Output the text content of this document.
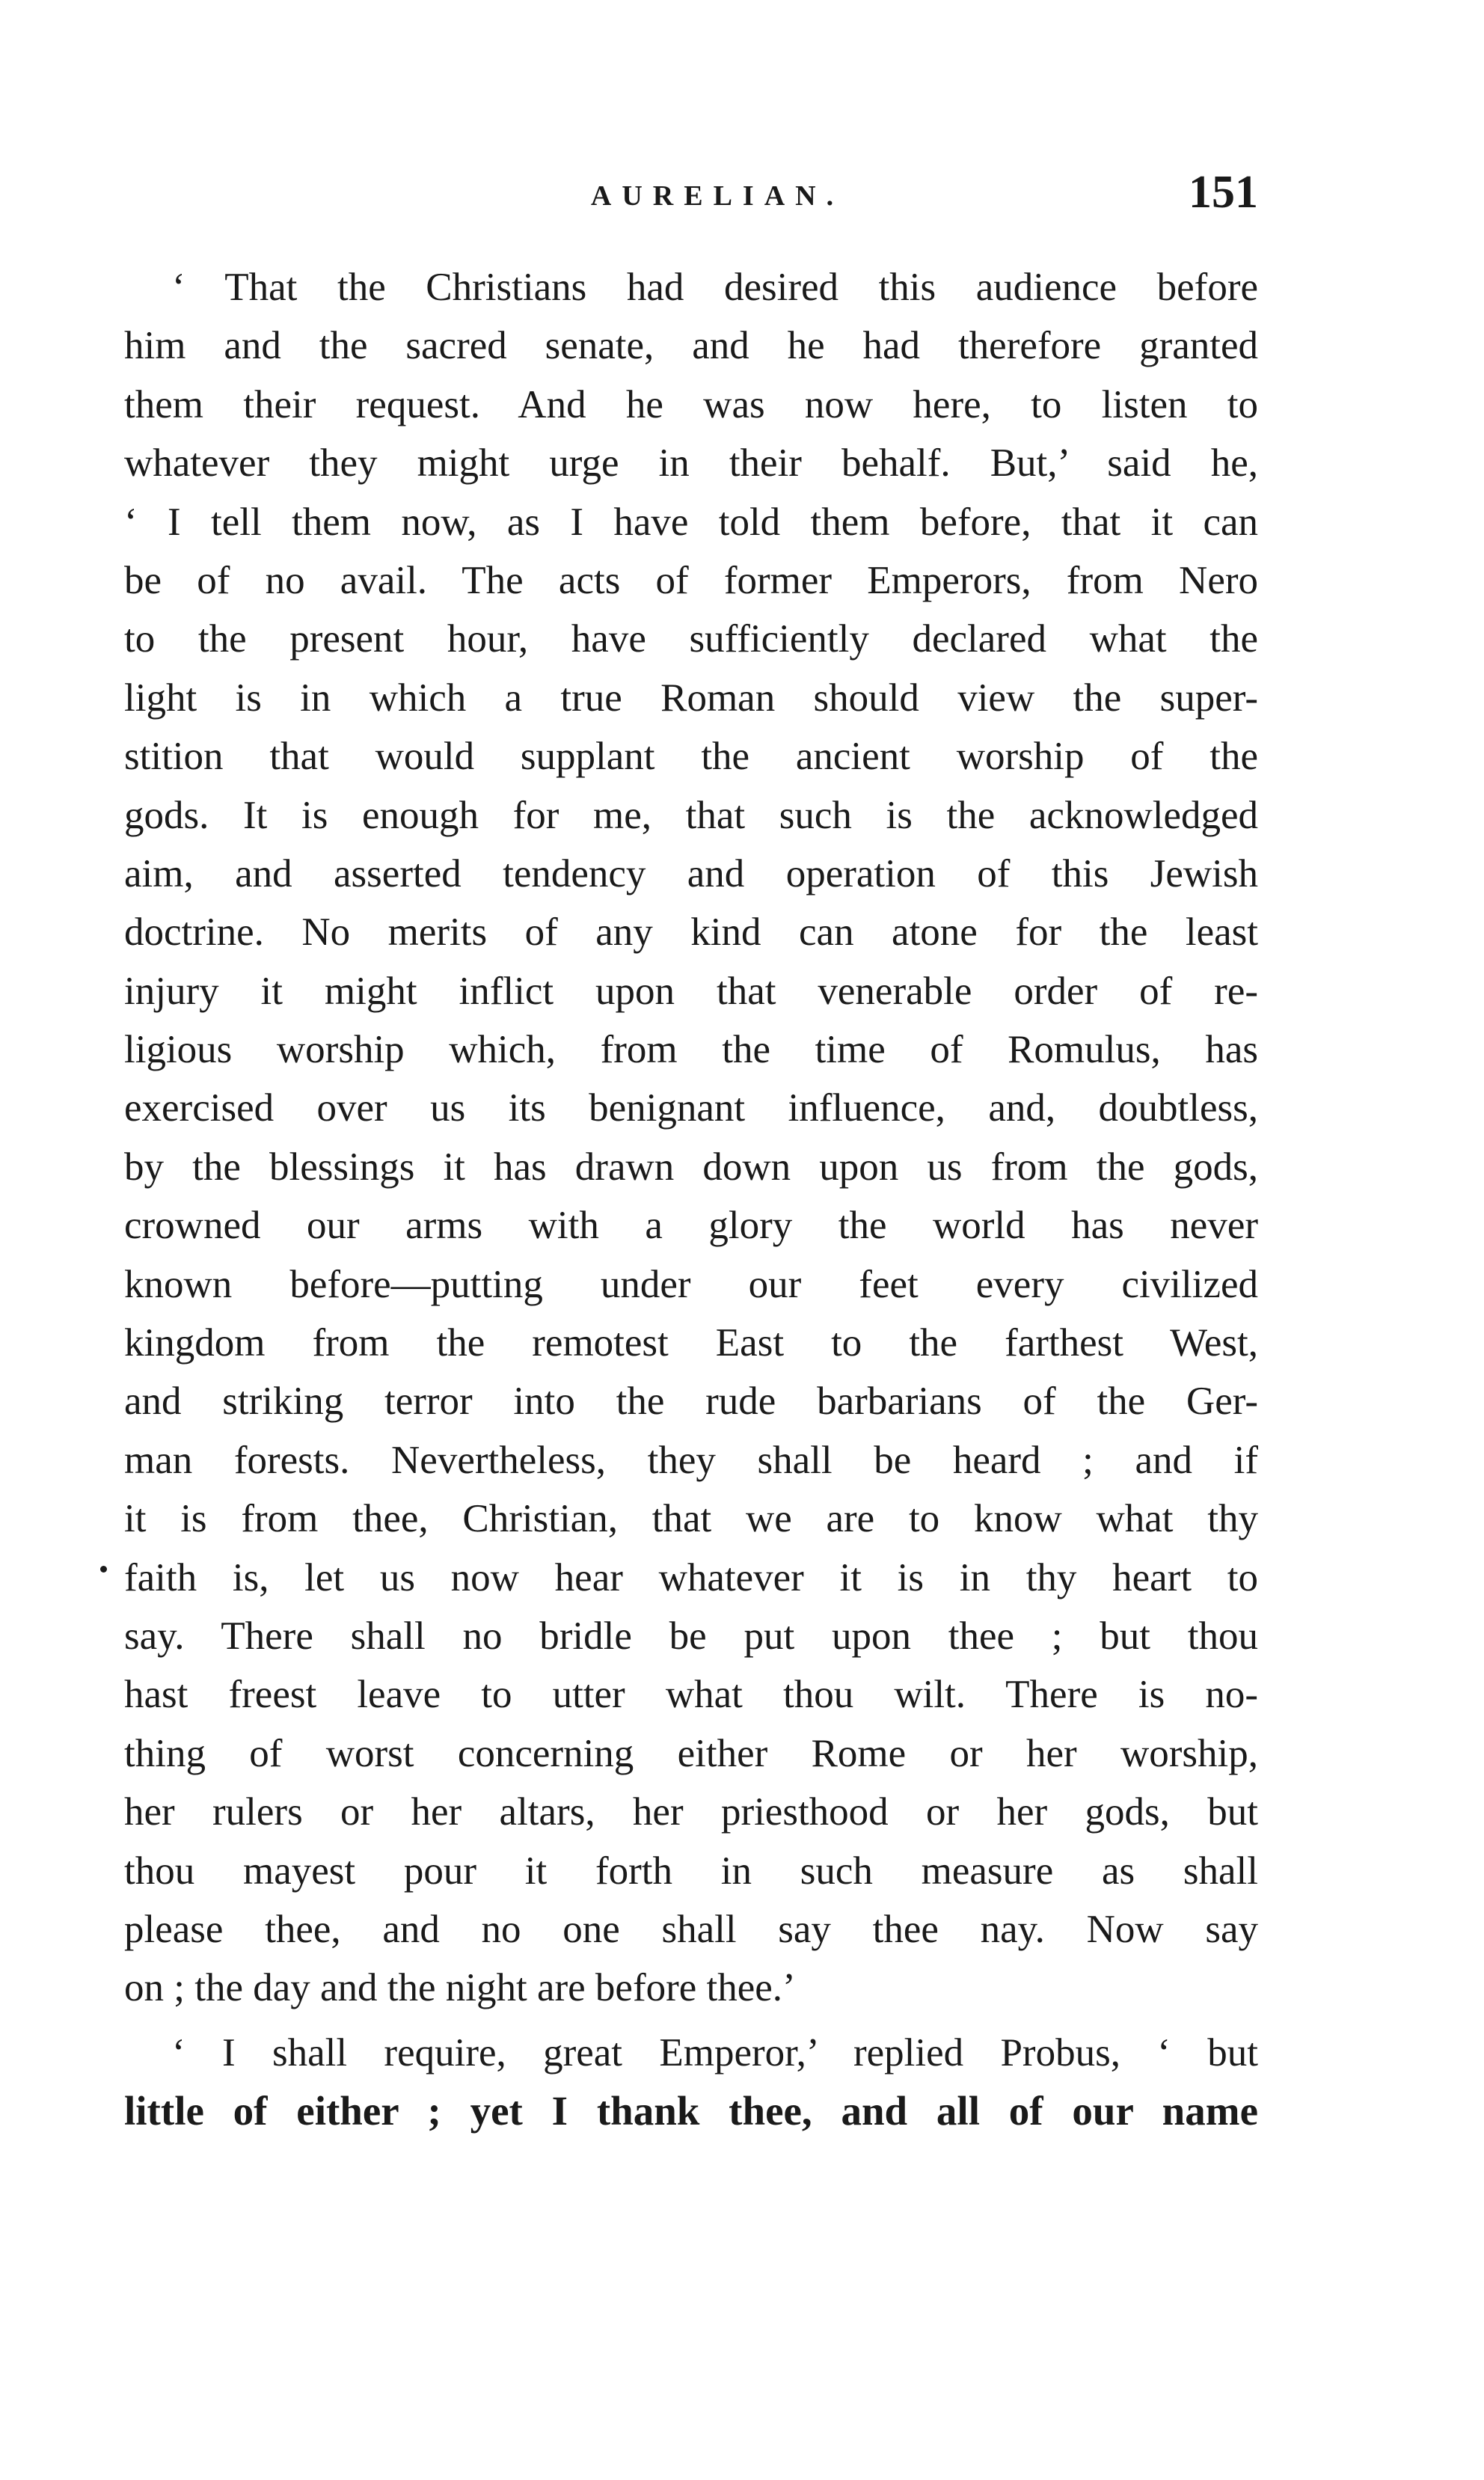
AURELIAN.	151
‘ That the Christians had desired this audience before
him and the sacred senate, and he had therefore granted
them their request. And he was now here, to listen to
whatever they might urge in their behalf. But,’ said he,
‘ I tell them now, as I have told them before, that it can
be of no avail. The acts of former Emperors, from Nero
to the present hour, have sufficiently declared what the
light is in which a true Roman should view the super-
stition that would supplant the ancient worship of the
gods. It is enough for me, that such is the acknowledged
aim, and asserted tendency and operation of this Jewish
doctrine. No merits of any kind can atone for the least
injury it might inflict upon that venerable order of re-
ligious worship which, from the time of Romulus, has
exercised over us its benignant influence, and, doubtless,
by the blessings it has drawn down upon us from the gods,
crowned our arms with a glory the world has never
known before—putting under our feet every civilized
kingdom from the remotest East to the farthest West,
and striking terror into the rude barbarians of the Ger-
man forests. Nevertheless, they shall be heard ; and if
it is from thee, Christian, that we are to know what thy
faith is, let us now hear whatever it is in thy heart to
say. There shall no bridle be put upon thee ; but thou
hast freest leave to utter what thou wilt. There is no-
thing of worst concerning either Rome or her worship,
her rulers or her altars, her priesthood or her gods, but
thou mayest pour it forth in such measure as shall
please thee, and no one shall say thee nay. Now say
on ; the day and the night are before thee.’
‘ I shall require, great Emperor,’ replied Probus, ‘ but
little of either ; yet I thank thee, and all of our name
